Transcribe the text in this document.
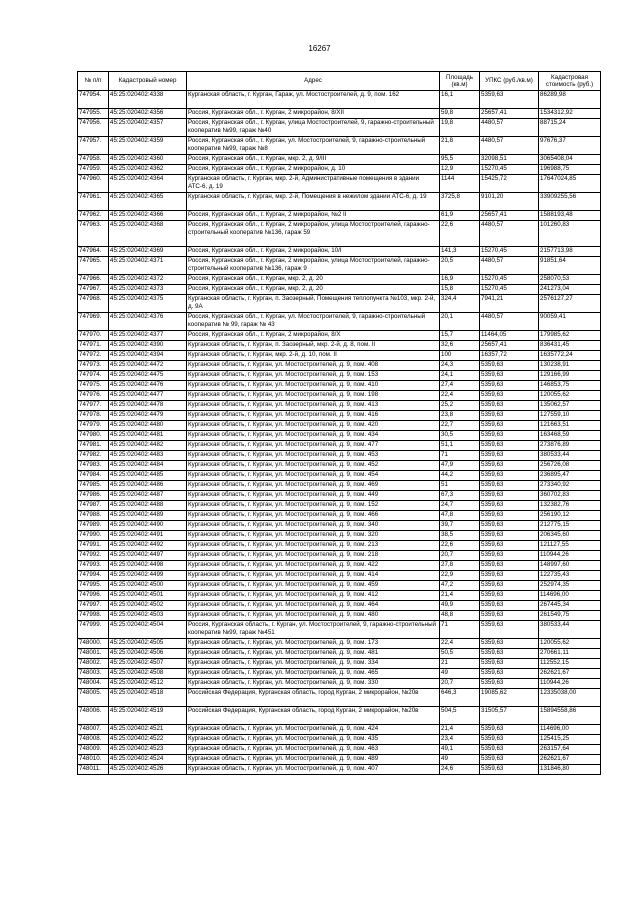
16267
№ п/п	Кадастровый номер	Адрес	Площадь (кв.м)	УПКС (руб./кв.м)	Кадастровая стоимость (руб.)
747954.	45:25:020402:4338	Курганская область, г. Курган, Гараж, ул. Мостостроителей, д. 9, пом. 162	16,1	5359,63	86289,98
747955.	45:25:020402:4356	Россия, Курганская обл., г. Курган, 2 микрорайон, 8/XII	59,8	25657,41	1534312,92
747956.	45:25:020402:4357	Россия, Курганская обл., г. Курган, улица Мостостроителей, 9, гаражно-строительный кооператив №99, гараж №40	19,8	4480,57	88715,24
747957.	45:25:020402:4359	Россия, Курганская обл., г. Курган, ул. Мостостроителей, 9, гаражно-строительный кооператив №99, гараж №8	21,8	4480,57	97676,37
747958.	45:25:020402:4360	Россия, Курганская обл., г. Курган, мкр. 2, д. 9/III	95,5	32098,51	3065408,04
747959.	45:25:020402:4362	Россия, Курганская обл., г. Курган, 2 микрорайон, д. 10	12,9	15270,45	196988,75
747960.	45:25:020402:4364	Курганская область, г. Курган, мкр. 2-й, Административные помещения в здании АТС-6, д. 19	1144	15425,72	17647024,85
747961.	45:25:020402:4365	Курганская область, г. Курган, мкр. 2-й, Помещения в нежилом здании АТС-6, д. 19	3725,8	9101,20	33909255,56
747962.	45:25:020402:4366	Россия, Курганская обл., г. Курган, 2 микрорайон, №2 II	61,9	25657,41	1588193,48
747963.	45:25:020402:4368	Россия, Курганская обл., г. Курган, 2 микрорайон, улица Мостостроителей, гаражно-строительный кооператив №136, гараж 59	22,6	4480,57	101260,83
747964.	45:25:020402:4369	Россия, Курганская обл., г. Курган, 2 микрорайон, 10/I	141,3	15270,45	2157713,98
747965.	45:25:020402:4371	Россия, Курганская обл., г. Курган, 2 микрорайон, улица Мостостроителей, гаражно-строительный кооператив №136, гараж 9	20,5	4480,57	91851,64
747966.	45:25:020402:4372	Россия, Курганская обл., г. Курган, мкр. 2, д. 20	16,9	15270,45	258070,53
747967.	45:25:020402:4373	Россия, Курганская обл., г. Курган, мкр. 2, д. 20	15,8	15270,45	241273,04
747968.	45:25:020402:4375	Курганская область, г. Курган, п. Заозерный, Помещения теплопункта №103, мкр. 2-й, д. 9А	324,4	7941,21	2576127,27
747969.	45:25:020402:4376	Россия, Курганская обл., г. Курган, ул. Мостостроителей, 9, гаражно-строительный кооператив № 99, гараж № 43	20,1	4480,57	90059,41
747970.	45:25:020402:4377	Россия, Курганская обл., г. Курган, 2 микрорайон, 8/X	15,7	11464,05	179985,62
747971.	45:25:020402:4390	Курганская область, г. Курган, п. Заозерный, мкр. 2-й, д. 8, пом. II	32,6	25657,41	836431,45
747972.	45:25:020402:4394	Курганская область, г. Курган, мкр. 2-й, д. 10, пом. II	100	16357,72	1635772,24
747973.	45:25:020402:4472	Курганская область, г. Курган, ул. Мостостроителей, д. 9, пом. 408	24,3	5359,63	130238,91
747974.	45:25:020402:4475	Курганская область, г. Курган, ул. Мостостроителей, д. 9, пом. 153	24,1	5359,63	129166,99
747975.	45:25:020402:4476	Курганская область, г. Курган, ул. Мостостроителей, д. 9, пом. 410	27,4	5359,63	146853,75
747976.	45:25:020402:4477	Курганская область, г. Курган, ул. Мостостроителей, д. 9, пом. 198	22,4	5359,63	120055,62
747977.	45:25:020402:4478	Курганская область, г. Курган, ул. Мостостроителей, д. 9, пом. 413	25,2	5359,63	135062,57
747978.	45:25:020402:4479	Курганская область, г. Курган, ул. Мостостроителей, д. 9, пом. 416	23,8	5359,63	127559,10
747979.	45:25:020402:4480	Курганская область, г. Курган, ул. Мостостроителей, д. 9, пом. 420	22,7	5359,63	121663,51
747980.	45:25:020402:4481	Курганская область, г. Курган, ул. Мостостроителей, д. 9, пом. 434	30,5	5359,63	163468,59
747981.	45:25:020402:4482	Курганская область, г. Курган, ул. Мостостроителей, д. 9, пом. 477	51,1	5359,63	273876,89
747982.	45:25:020402:4483	Курганская область, г. Курган, ул. Мостостроителей, д. 9, пом. 453	71	5359,63	380533,44
747983.	45:25:020402:4484	Курганская область, г. Курган, ул. Мостостроителей, д. 9, пом. 452	47,9	5359,63	256726,08
747984.	45:25:020402:4485	Курганская область, г. Курган, ул. Мостостроителей, д. 9, пом. 454	44,2	5359,63	236895,47
747985.	45:25:020402:4486	Курганская область, г. Курган, ул. Мостостроителей, д. 9, пом. 469	51	5359,63	273340,92
747986.	45:25:020402:4487	Курганская область, г. Курган, ул. Мостостроителей, д. 9, пом. 449	67,3	5359,63	360702,83
747987.	45:25:020402:4488	Курганская область, г. Курган, ул. Мостостроителей, д. 9, пом. 152	24,7	5359,63	132382,76
747988.	45:25:020402:4489	Курганская область, г. Курган, ул. Мостостроителей, д. 9, пом. 466	47,8	5359,63	256190,12
747989.	45:25:020402:4490	Курганская область, г. Курган, ул. Мостостроителей, д. 9, пом. 340	39,7	5359,63	212775,15
747990.	45:25:020402:4491	Курганская область, г. Курган, ул. Мостостроителей, д. 9, пом. 320	38,5	5359,63	206345,60
747991.	45:25:020402:4492	Курганская область, г. Курган, ул. Мостостроителей, д. 9, пом. 213	22,6	5359,63	121127,55
747992.	45:25:020402:4497	Курганская область, г. Курган, ул. Мостостроителей, д. 9, пом. 218	20,7	5359,63	110944,26
747993.	45:25:020402:4498	Курганская область, г. Курган, ул. Мостостроителей, д. 9, пом. 422	27,8	5359,63	148997,60
747994.	45:25:020402:4499	Курганская область, г. Курган, ул. Мостостроителей, д. 9, пом. 414	22,9	5359,63	122735,43
747995.	45:25:020402:4500	Курганская область, г. Курган, ул. Мостостроителей, д. 9, пом. 459	47,2	5359,63	252974,35
747996.	45:25:020402:4501	Курганская область, г. Курган, ул. Мостостроителей, д. 9, пом. 412	21,4	5359,63	114696,00
747997.	45:25:020402:4502	Курганская область, г. Курган, ул. Мостостроителей, д. 9, пом. 464	49,9	5359,63	267445,34
747998.	45:25:020402:4503	Курганская область, г. Курган, ул. Мостостроителей, д. 9, пом. 480	48,8	5359,63	261549,75
747999.	45:25:020402:4504	Россия, Курганская область, г. Курган, ул. Мостостроителей, 9, гаражно-строительный кооператив №99, гараж №451	71	5359,63	380533,44
748000.	45:25:020402:4505	Курганская область, г. Курган, ул. Мостостроителей, д. 9, пом. 173	22,4	5359,63	120055,62
748001.	45:25:020402:4506	Курганская область, г. Курган, ул. Мостостроителей, д. 9, пом. 481	50,5	5359,63	270661,11
748002.	45:25:020402:4507	Курганская область, г. Курган, ул. Мостостроителей, д. 9, пом. 334	21	5359,63	112552,15
748003.	45:25:020402:4508	Курганская область, г. Курган, ул. Мостостроителей, д. 9, пом. 465	49	5359,63	262621,67
748004.	45:25:020402:4512	Курганская область, г. Курган, ул. Мостостроителей, д. 9, пом. 330	20,7	5359,63	110944,26
748005.	45:25:020402:4518	Российская Федерация, Курганская область, город Курган, 2 микрорайон, №20в	646,3	19085,62	12335038,00
748006.	45:25:020402:4519	Российская Федерация, Курганская область, город Курган, 2 микрорайон, №20в	504,5	31505,57	15894558,86
748007.	45:25:020402:4521	Курганская область, г. Курган, ул. Мостостроителей, д. 9, пом. 424	21,4	5359,63	114696,00
748008.	45:25:020402:4522	Курганская область, г. Курган, ул. Мостостроителей, д. 9, пом. 435	23,4	5359,63	125415,25
748009.	45:25:020402:4523	Курганская область, г. Курган, ул. Мостостроителей, д. 9, пом. 463	49,1	5359,63	263157,64
748010.	45:25:020402:4524	Курганская область, г. Курган, ул. Мостостроителей, д. 9, пом. 489	49	5359,63	262621,67
748011.	45:25:020402:4526	Курганская область, г. Курган, ул. Мостостроителей, д. 9, пом. 407	24,6	5359,63	131846,80
